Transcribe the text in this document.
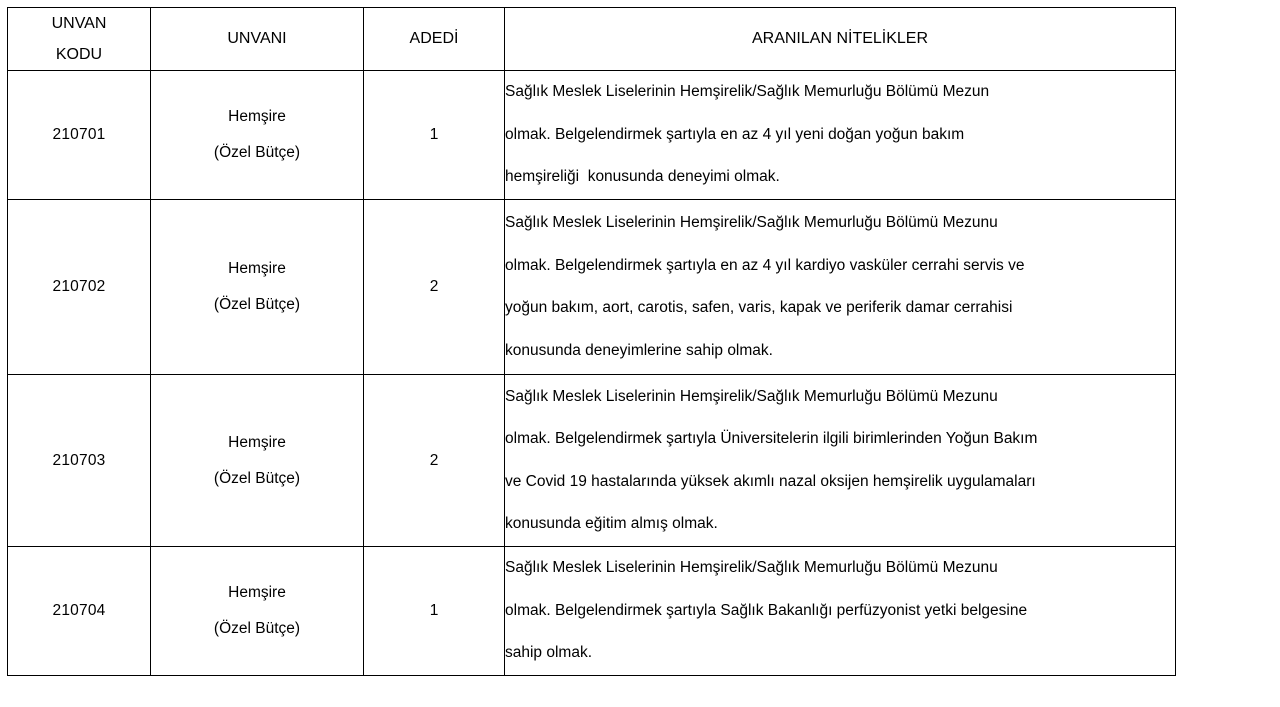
UNVAN
KODU	UNVANI	ADEDİ	ARANILAN NİTELİKLER
210701	Hemşire
(Özel Bütçe)	1	Sağlık Meslek Liselerinin Hemşirelik/Sağlık Memurluğu Bölümü Mezun
olmak. Belgelendirmek şartıyla en az 4 yıl yeni doğan yoğun bakım
hemşireliği  konusunda deneyimi olmak.

210702	Hemşire
(Özel Bütçe)	2	Sağlık Meslek Liselerinin Hemşirelik/Sağlık Memurluğu Bölümü Mezunu
olmak. Belgelendirmek şartıyla en az 4 yıl kardiyo vasküler cerrahi servis ve
yoğun bakım, aort, carotis, safen, varis, kapak ve periferik damar cerrahisi
konusunda deneyimlerine sahip olmak.

210703	Hemşire
(Özel Bütçe)	2	Sağlık Meslek Liselerinin Hemşirelik/Sağlık Memurluğu Bölümü Mezunu
olmak. Belgelendirmek şartıyla Üniversitelerin ilgili birimlerinden Yoğun Bakım
ve Covid 19 hastalarında yüksek akımlı nazal oksijen hemşirelik uygulamaları
konusunda eğitim almış olmak.

210704	Hemşire
(Özel Bütçe)	1	Sağlık Meslek Liselerinin Hemşirelik/Sağlık Memurluğu Bölümü Mezunu
olmak. Belgelendirmek şartıyla Sağlık Bakanlığı perfüzyonist yetki belgesine
sahip olmak.
